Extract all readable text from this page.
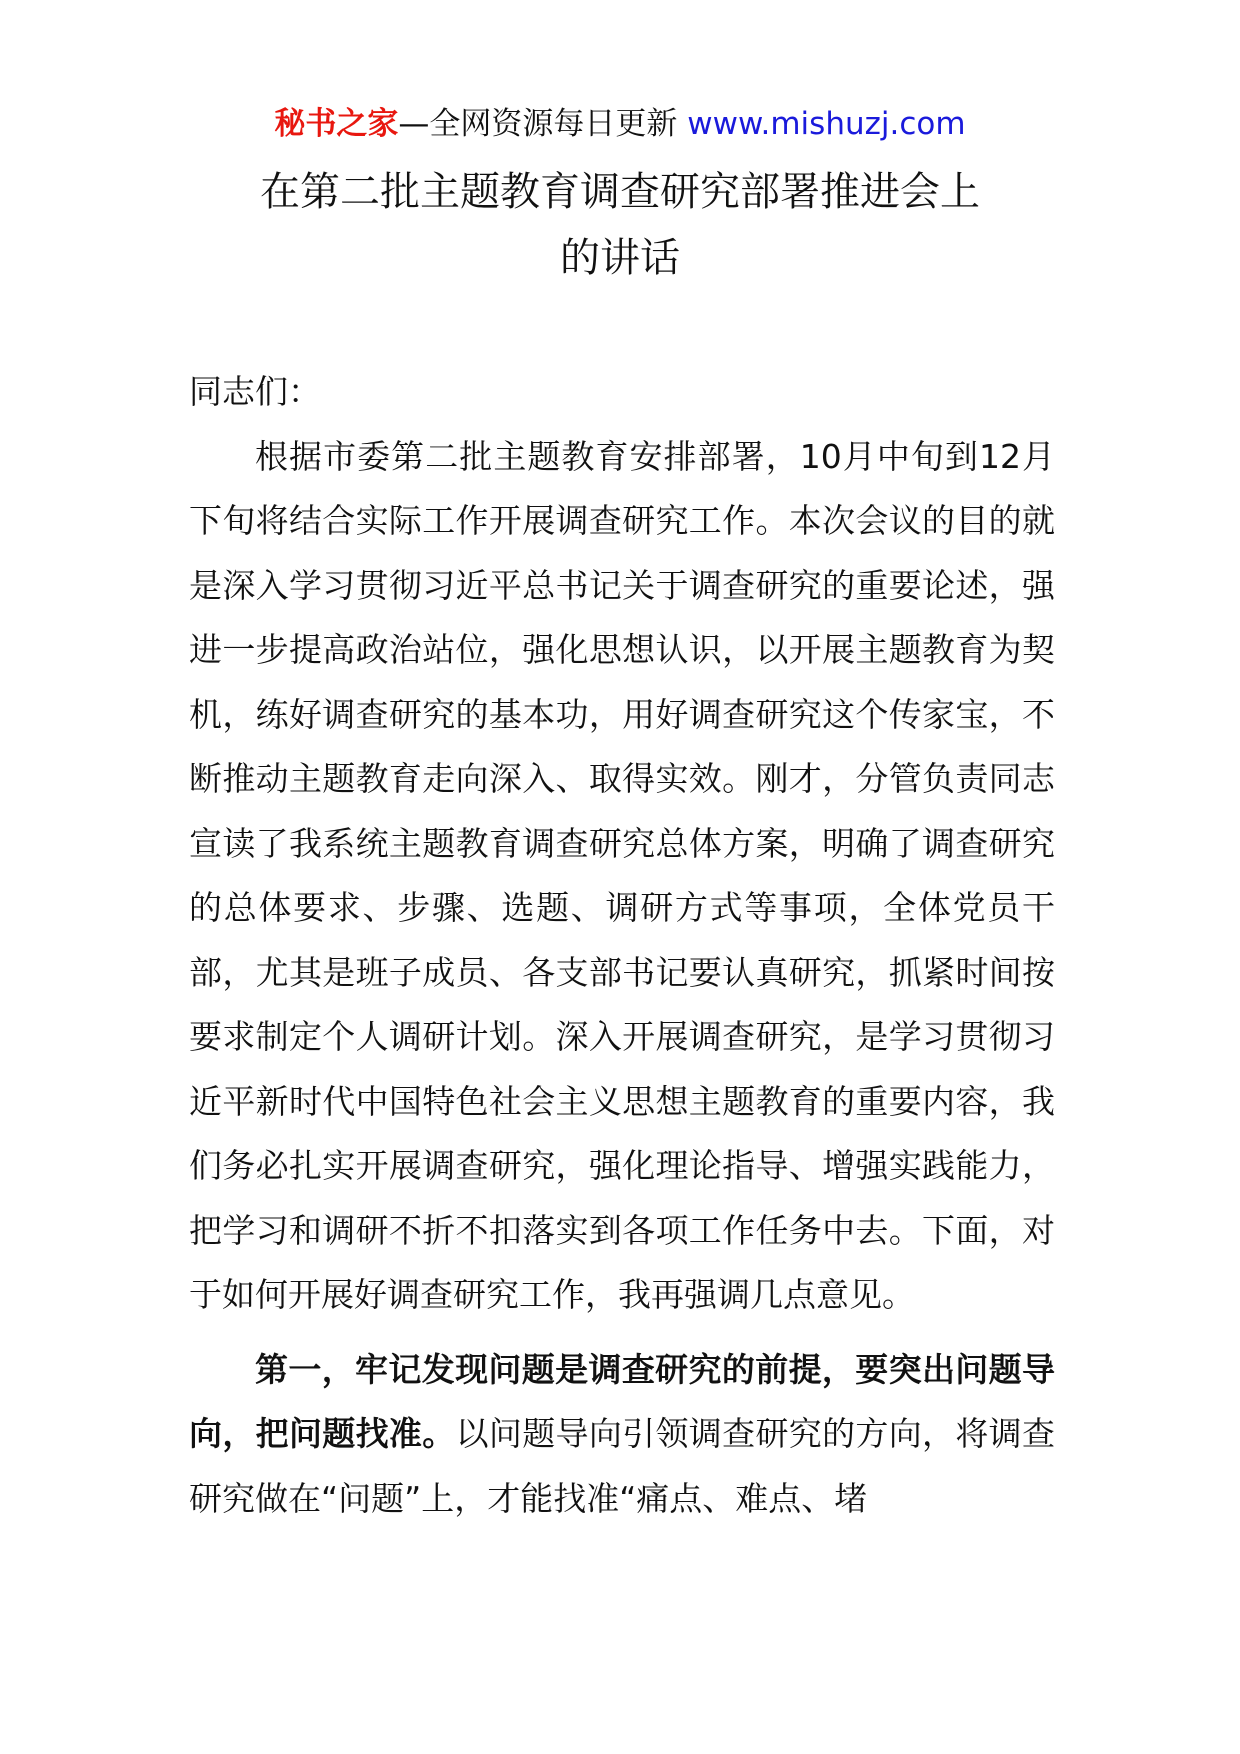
秘书之家—全网资源每日更新 www.mishuzj.com
在第二批主题教育调查研究部署推进会上
的讲话

同志们：

根据市委第二批主题教育安排部署，10月中旬到12月下旬将结合实际工作开展调查研究工作。本次会议的目的就是深入学习贯彻习近平总书记关于调查研究的重要论述，强进一步提高政治站位，强化思想认识，以开展主题教育为契机，练好调查研究的基本功，用好调查研究这个传家宝，不断推动主题教育走向深入、取得实效。刚才，分管负责同志宣读了我系统主题教育调查研究总体方案，明确了调查研究的总体要求、步骤、选题、调研方式等事项，全体党员干部，尤其是班子成员、各支部书记要认真研究，抓紧时间按要求制定个人调研计划。深入开展调查研究，是学习贯彻习近平新时代中国特色社会主义思想主题教育的重要内容，我们务必扎实开展调查研究，强化理论指导、增强实践能力，把学习和调研不折不扣落实到各项工作任务中去。下面，对于如何开展好调查研究工作，我再强调几点意见。

第一，牢记发现问题是调查研究的前提，要突出问题导向，把问题找准。以问题导向引领调查研究的方向，将调查研究做在“问题”上，才能找准“痛点、难点、堵
